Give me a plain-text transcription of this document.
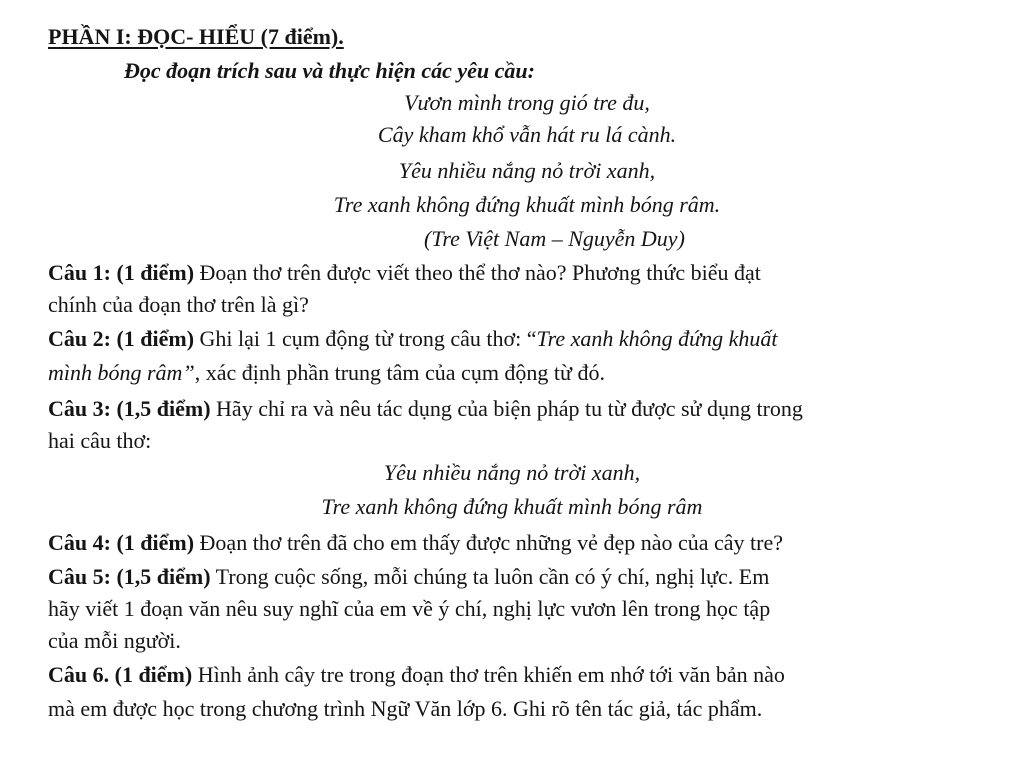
PHẦN I: ĐỌC- HIỂU (7 điểm).
Đọc đoạn trích sau và thực hiện các yêu cầu:
Vươn mình trong gió tre đu,
Cây kham khổ vẫn hát ru lá cành.
Yêu nhiều nắng nỏ trời xanh,
Tre xanh không đứng khuất mình bóng râm.
(Tre Việt Nam – Nguyễn Duy)
Câu 1: (1 điểm) Đoạn thơ trên được viết theo thể thơ nào? Phương thức biểu đạt
chính của đoạn thơ trên là gì?
Câu 2: (1 điểm) Ghi lại 1 cụm động từ trong câu thơ: “Tre xanh không đứng khuất
mình bóng râm”, xác định phần trung tâm của cụm động từ đó.
Câu 3: (1,5 điểm) Hãy chỉ ra và nêu tác dụng của biện pháp tu từ được sử dụng trong
hai câu thơ:
Yêu nhiều nắng nỏ trời xanh,
Tre xanh không đứng khuất mình bóng râm
Câu 4: (1 điểm) Đoạn thơ trên đã cho em thấy được những vẻ đẹp nào của cây tre?
Câu 5: (1,5 điểm) Trong cuộc sống, mỗi chúng ta luôn cần có ý chí, nghị lực. Em
hãy viết 1 đoạn văn nêu suy nghĩ của em về ý chí, nghị lực vươn lên trong học tập
của mỗi người.
Câu 6. (1 điểm) Hình ảnh cây tre trong đoạn thơ trên khiến em nhớ tới văn bản nào
mà em được học trong chương trình Ngữ Văn lớp 6. Ghi rõ tên tác giả, tác phẩm.
